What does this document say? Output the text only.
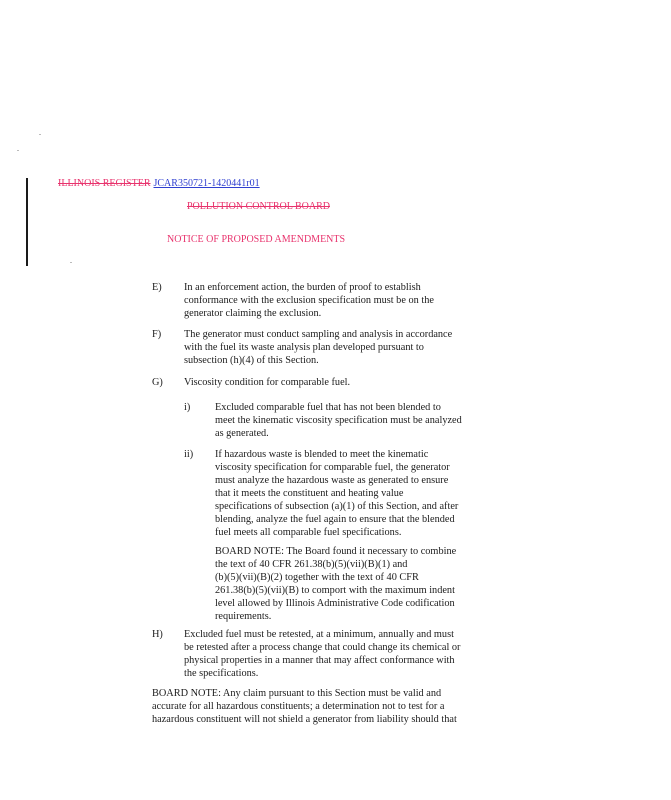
ILLINOIS REGISTER JCAR350721-1420441r01
POLLUTION CONTROL BOARD
NOTICE OF PROPOSED AMENDMENTS
E) In an enforcement action, the burden of proof to establish
conformance with the exclusion specification must be on the
generator claiming the exclusion.
F) The generator must conduct sampling and analysis in accordance
with the fuel its waste analysis plan developed pursuant to
subsection (h)(4) of this Section.
G) Viscosity condition for comparable fuel.
i) Excluded comparable fuel that has not been blended to
meet the kinematic viscosity specification must be analyzed
as generated.
ii) If hazardous waste is blended to meet the kinematic
viscosity specification for comparable fuel, the generator
must analyze the hazardous waste as generated to ensure
that it meets the constituent and heating value
specifications of subsection (a)(1) of this Section, and after
blending, analyze the fuel again to ensure that the blended
fuel meets all comparable fuel specifications.
BOARD NOTE: The Board found it necessary to combine
the text of 40 CFR 261.38(b)(5)(vii)(B)(1) and
(b)(5)(vii)(B)(2) together with the text of 40 CFR
261.38(b)(5)(vii)(B) to comport with the maximum indent
level allowed by Illinois Administrative Code codification
requirements.
H) Excluded fuel must be retested, at a minimum, annually and must
be retested after a process change that could change its chemical or
physical properties in a manner that may affect conformance with
the specifications.
BOARD NOTE: Any claim pursuant to this Section must be valid and
accurate for all hazardous constituents; a determination not to test for a
hazardous constituent will not shield a generator from liability should that
